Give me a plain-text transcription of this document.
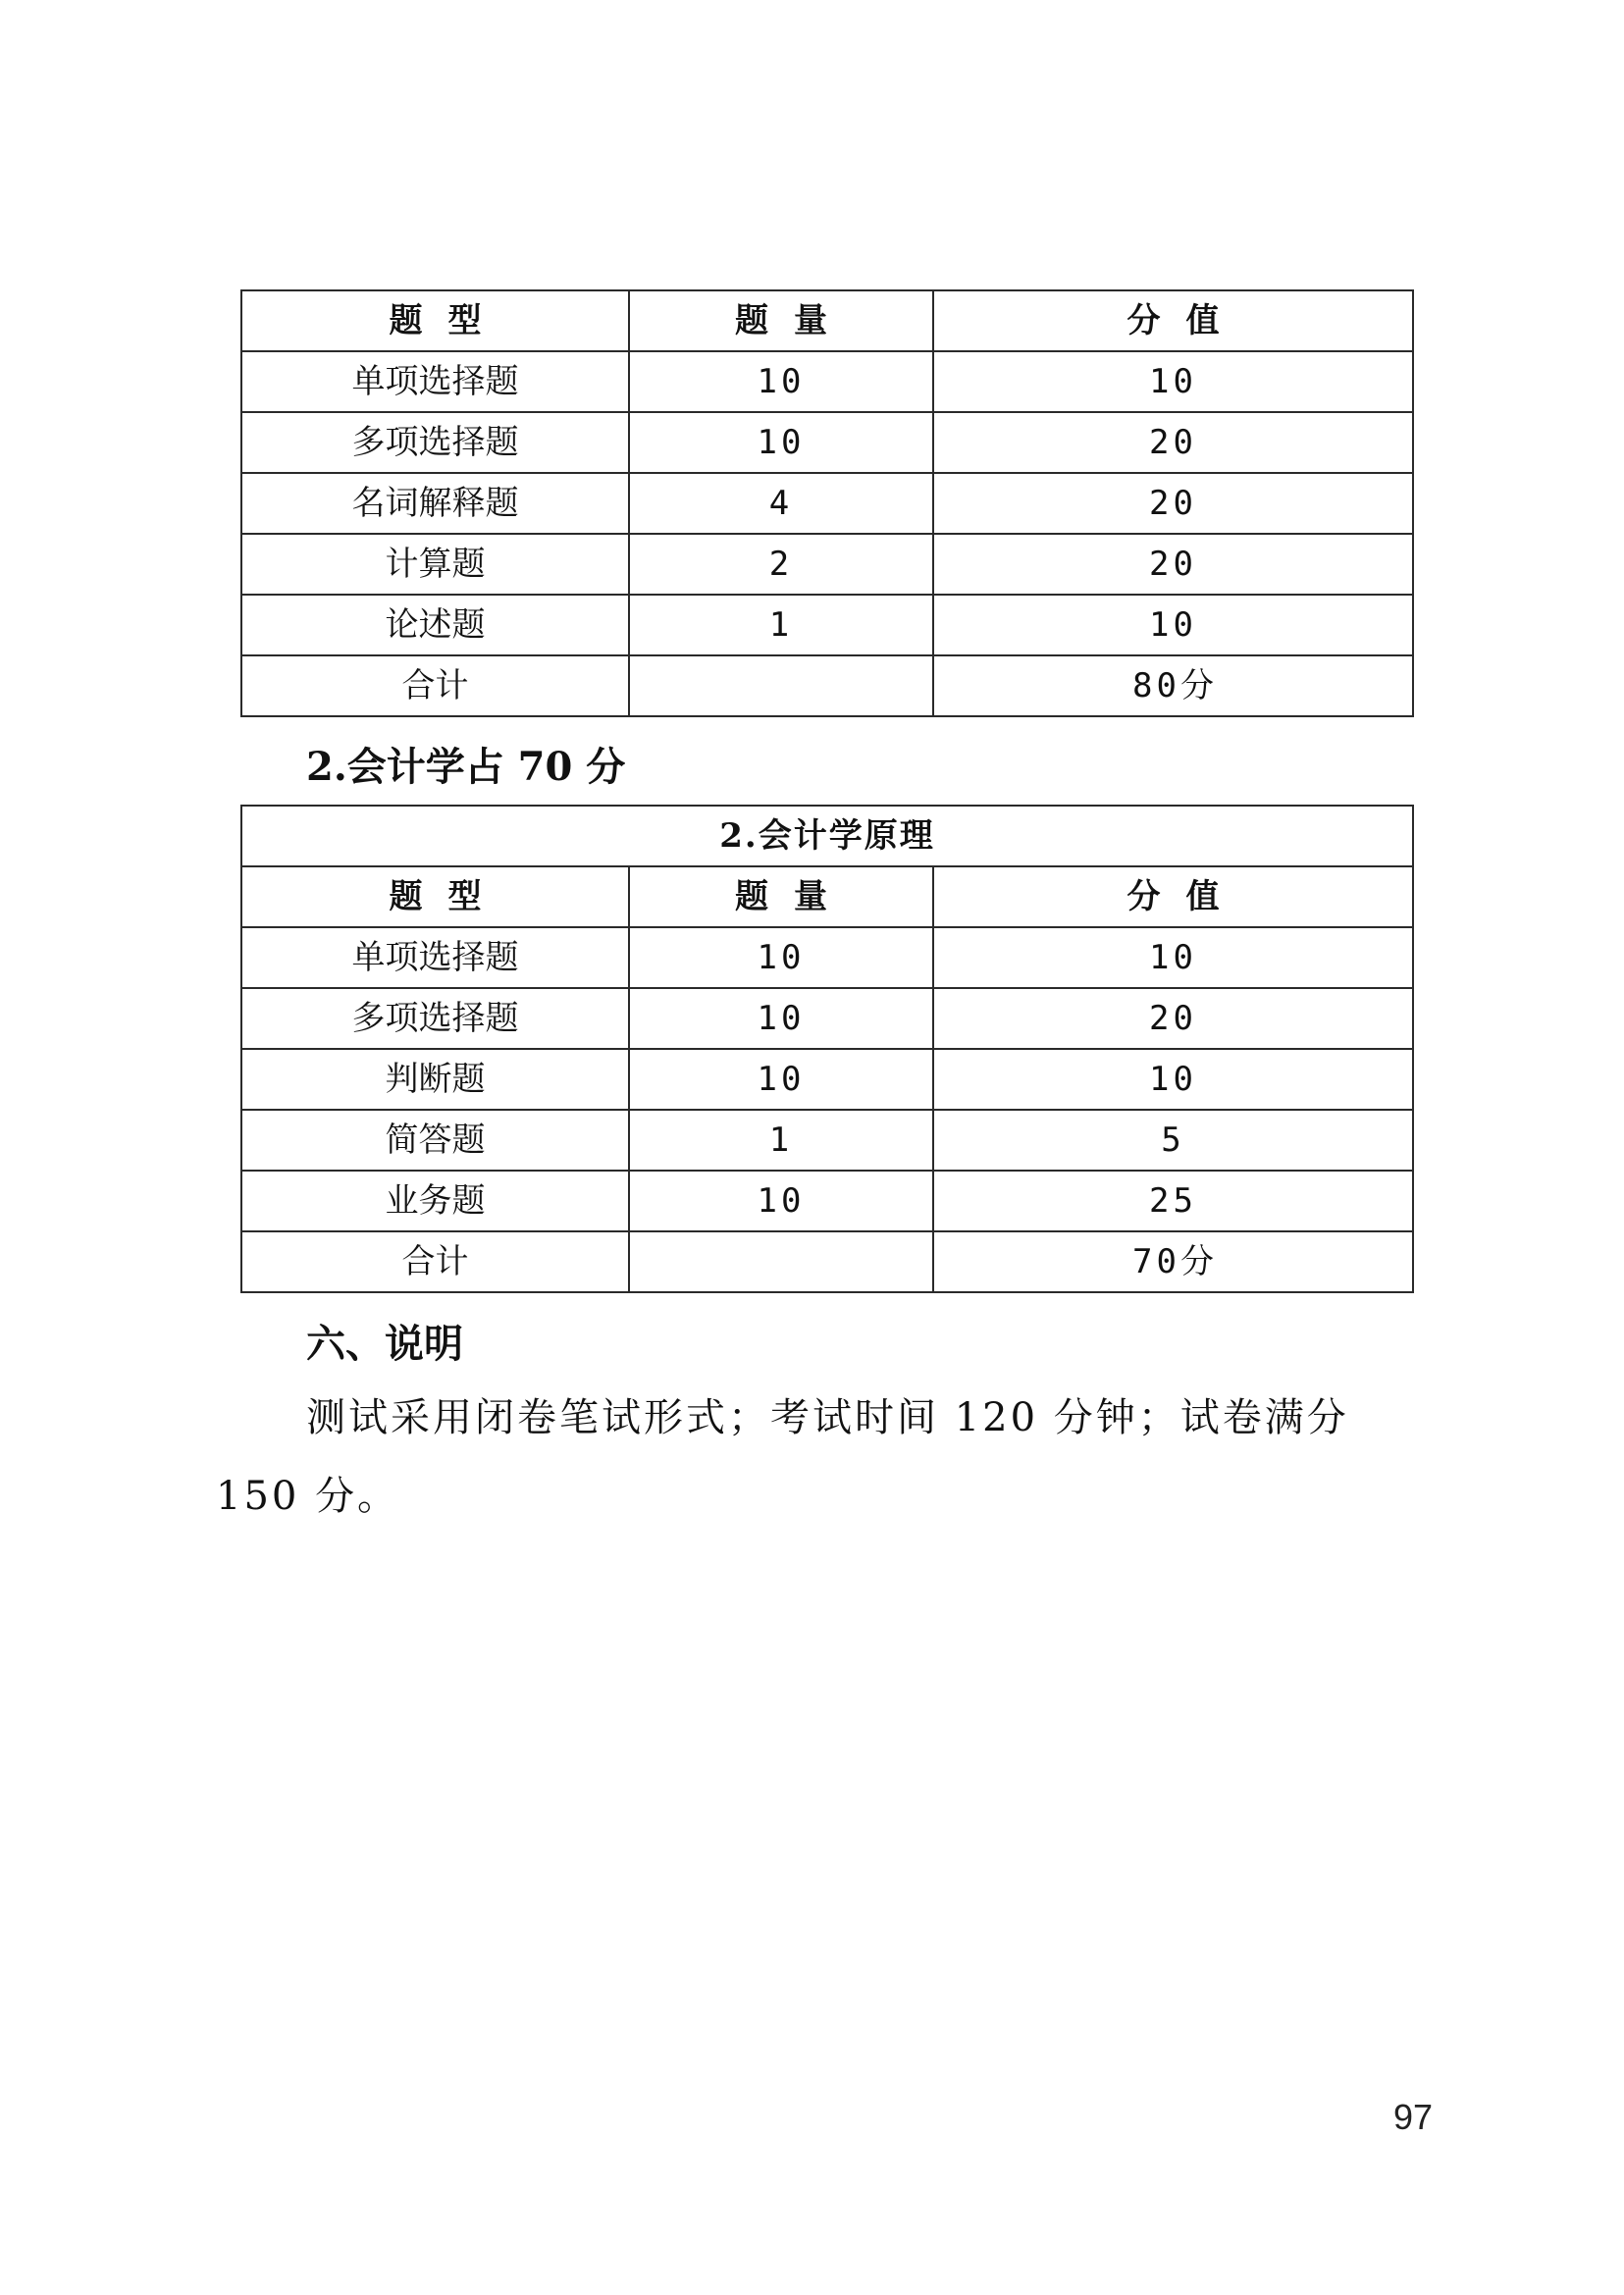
题型	题量	分值
单项选择题	10	10
多项选择题	10	20
名词解释题	4	20
计算题	2	20
论述题	1	10
合计		80分
2.会计学占 70 分
2.会计学原理		
题型	题量	分值
单项选择题	10	10
多项选择题	10	20
判断题	10	10
简答题	1	5
业务题	10	25
合计		70分
六、说明

测试采用闭卷笔试形式；考试时间 120 分钟；试卷满分 150 分。

97
